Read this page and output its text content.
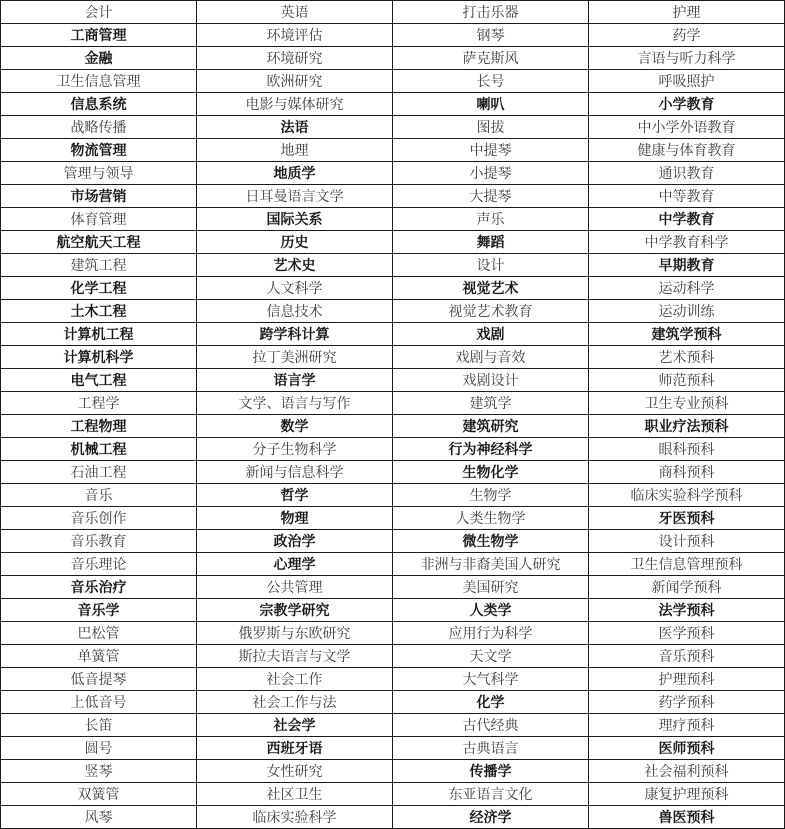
会计	英语	打击乐器	护理
工商管理	环境评估	钢琴	药学
金融	环境研究	萨克斯风	言语与听力科学
卫生信息管理	欧洲研究	长号	呼吸照护
信息系统	电影与媒体研究	喇叭	小学教育
战略传播	法语	图拔	中小学外语教育
物流管理	地理	中提琴	健康与体育教育
管理与领导	地质学	小提琴	通识教育
市场营销	日耳曼语言文学	大提琴	中等教育
体育管理	国际关系	声乐	中学教育
航空航天工程	历史	舞蹈	中学教育科学
建筑工程	艺术史	设计	早期教育
化学工程	人文科学	视觉艺术	运动科学
土木工程	信息技术	视觉艺术教育	运动训练
计算机工程	跨学科计算	戏剧	建筑学预科
计算机科学	拉丁美洲研究	戏剧与音效	艺术预科
电气工程	语言学	戏剧设计	师范预科
工程学	文学、语言与写作	建筑学	卫生专业预科
工程物理	数学	建筑研究	职业疗法预科
机械工程	分子生物科学	行为神经科学	眼科预科
石油工程	新闻与信息科学	生物化学	商科预科
音乐	哲学	生物学	临床实验科学预科
音乐创作	物理	人类生物学	牙医预科
音乐教育	政治学	微生物学	设计预科
音乐理论	心理学	非洲与非裔美国人研究	卫生信息管理预科
音乐治疗	公共管理	美国研究	新闻学预科
音乐学	宗教学研究	人类学	法学预科
巴松管	俄罗斯与东欧研究	应用行为科学	医学预科
单簧管	斯拉夫语言与文学	天文学	音乐预科
低音提琴	社会工作	大气科学	护理预科
上低音号	社会工作与法	化学	药学预科
长笛	社会学	古代经典	理疗预科
圆号	西班牙语	古典语言	医师预科
竖琴	女性研究	传播学	社会福利预科
双簧管	社区卫生	东亚语言文化	康复护理预科
风琴	临床实验科学	经济学	兽医预科
